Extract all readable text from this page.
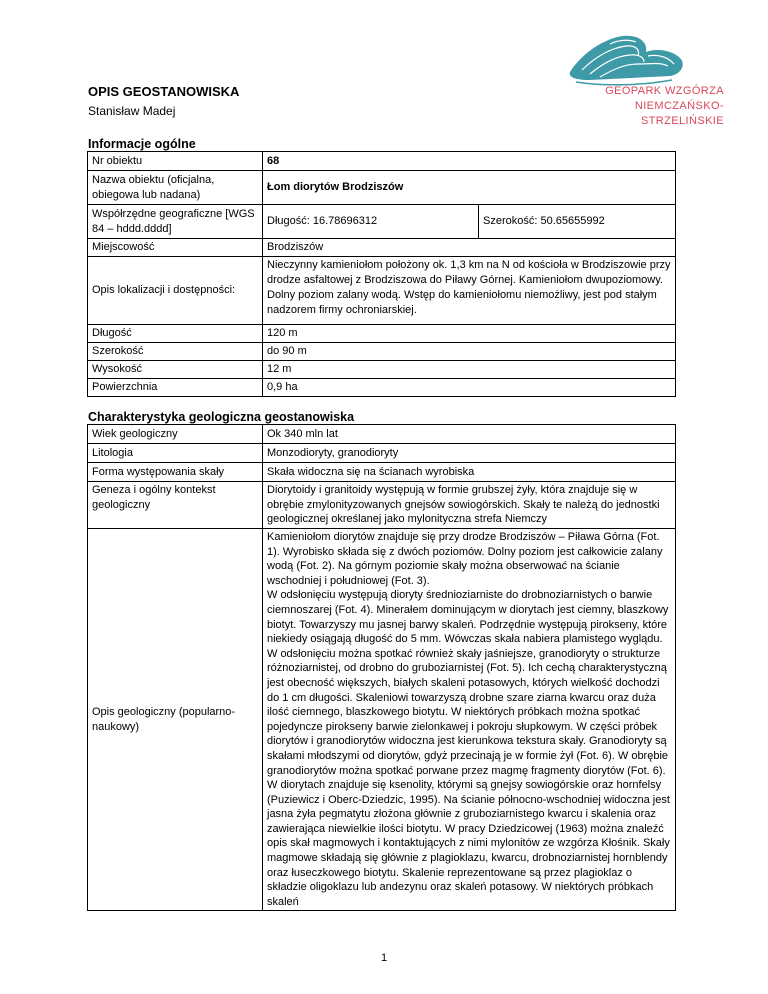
GEOPARK WZGÓRZA
NIEMCZAŃSKO-STRZELIŃSKIE
OPIS GEOSTANOWISKA
Stanisław Madej
Informacje ogólne
Nr obiektu	68	
Nazwa obiektu (oficjalna, obiegowa lub nadana)	Łom diorytów Brodziszów	
Współrzędne geograficzne [WGS 84 – hddd.dddd]	Długość: 16.78696312	Szerokość: 50.65655992
Miejscowość	Brodziszów	
Opis lokalizacji i dostępności:	Nieczynny kamieniołom położony ok. 1,3 km na N od kościoła w Brodziszowie przy drodze asfaltowej z Brodziszowa do Piławy Górnej. Kamieniołom dwupoziomowy. Dolny poziom zalany wodą. Wstęp do kamieniołomu niemożliwy, jest pod stałym nadzorem firmy ochroniarskiej.	
Długość	120 m	
Szerokość	do 90 m	
Wysokość	12 m	
Powierzchnia	0,9 ha	
Charakterystyka geologiczna geostanowiska
Wiek geologiczny	Ok 340 mln lat
Litologia	Monzodioryty, granodioryty
Forma występowania skały	Skała widoczna się na ścianach wyrobiska
Geneza i ogólny kontekst geologiczny	Diorytoidy i granitoidy występują w formie grubszej żyły, która znajduje się w obrębie zmylonityzowanych gnejsów sowiogórskich. Skały te należą do jednostki geologicznej określanej jako mylonityczna strefa Niemczy
Opis geologiczny (popularno-naukowy)	Kamieniołom diorytów znajduje się przy drodze Brodziszów – Piława Górna (Fot. 1). Wyrobisko składa się z dwóch poziomów. Dolny poziom jest całkowicie zalany wodą (Fot. 2). Na górnym poziomie skały można obserwować na ścianie wschodniej i południowej (Fot. 3).

W odsłonięciu występują dioryty średnioziarniste do drobnoziarnistych o barwie ciemnoszarej (Fot. 4). Minerałem dominującym w diorytach jest ciemny, blaszkowy biotyt. Towarzyszy mu jasnej barwy skaleń. Podrzędnie występują pirokseny, które niekiedy osiągają długość do 5 mm. Wówczas skała nabiera plamistego wyglądu. W odsłonięciu można spotkać również skały jaśniejsze, granodioryty o strukturze różnoziarnistej, od drobno do gruboziarnistej (Fot. 5). Ich cechą charakterystyczną jest obecność większych, białych skaleni potasowych, których wielkość dochodzi do 1 cm długości. Skaleniowi towarzyszą drobne szare ziarna kwarcu oraz duża ilość ciemnego, blaszkowego biotytu. W niektórych próbkach można spotkać pojedyncze pirokseny barwie zielonkawej i pokroju słupkowym. W części próbek diorytów i granodiorytów widoczna jest kierunkowa tekstura skały. Granodioryty są skałami młodszymi od diorytów, gdyż przecinają je w formie żył (Fot. 6). W obrębie granodiorytów można spotkać porwane przez magmę fragmenty diorytów (Fot. 6). W diorytach znajduje się ksenolity, którymi są gnejsy sowiogórskie oraz hornfelsy (Puziewicz i Oberc-Dziedzic, 1995). Na ścianie północno-wschodniej widoczna jest jasna żyła pegmatytu złożona głównie z gruboziarnistego kwarcu i skalenia oraz zawierająca niewielkie ilości biotytu. W pracy Dziedzicowej (1963) można znaleźć opis skał magmowych i kontaktujących z nimi mylonitów ze wzgórza Kłośnik. Skały magmowe składają się głównie z plagioklazu, kwarcu, drobnoziarnistej hornblendy oraz łuseczkowego biotytu. Skalenie reprezentowane są przez plagioklaz o składzie oligoklazu lub andezynu oraz skaleń potasowy. W niektórych próbkach skaleń

1
